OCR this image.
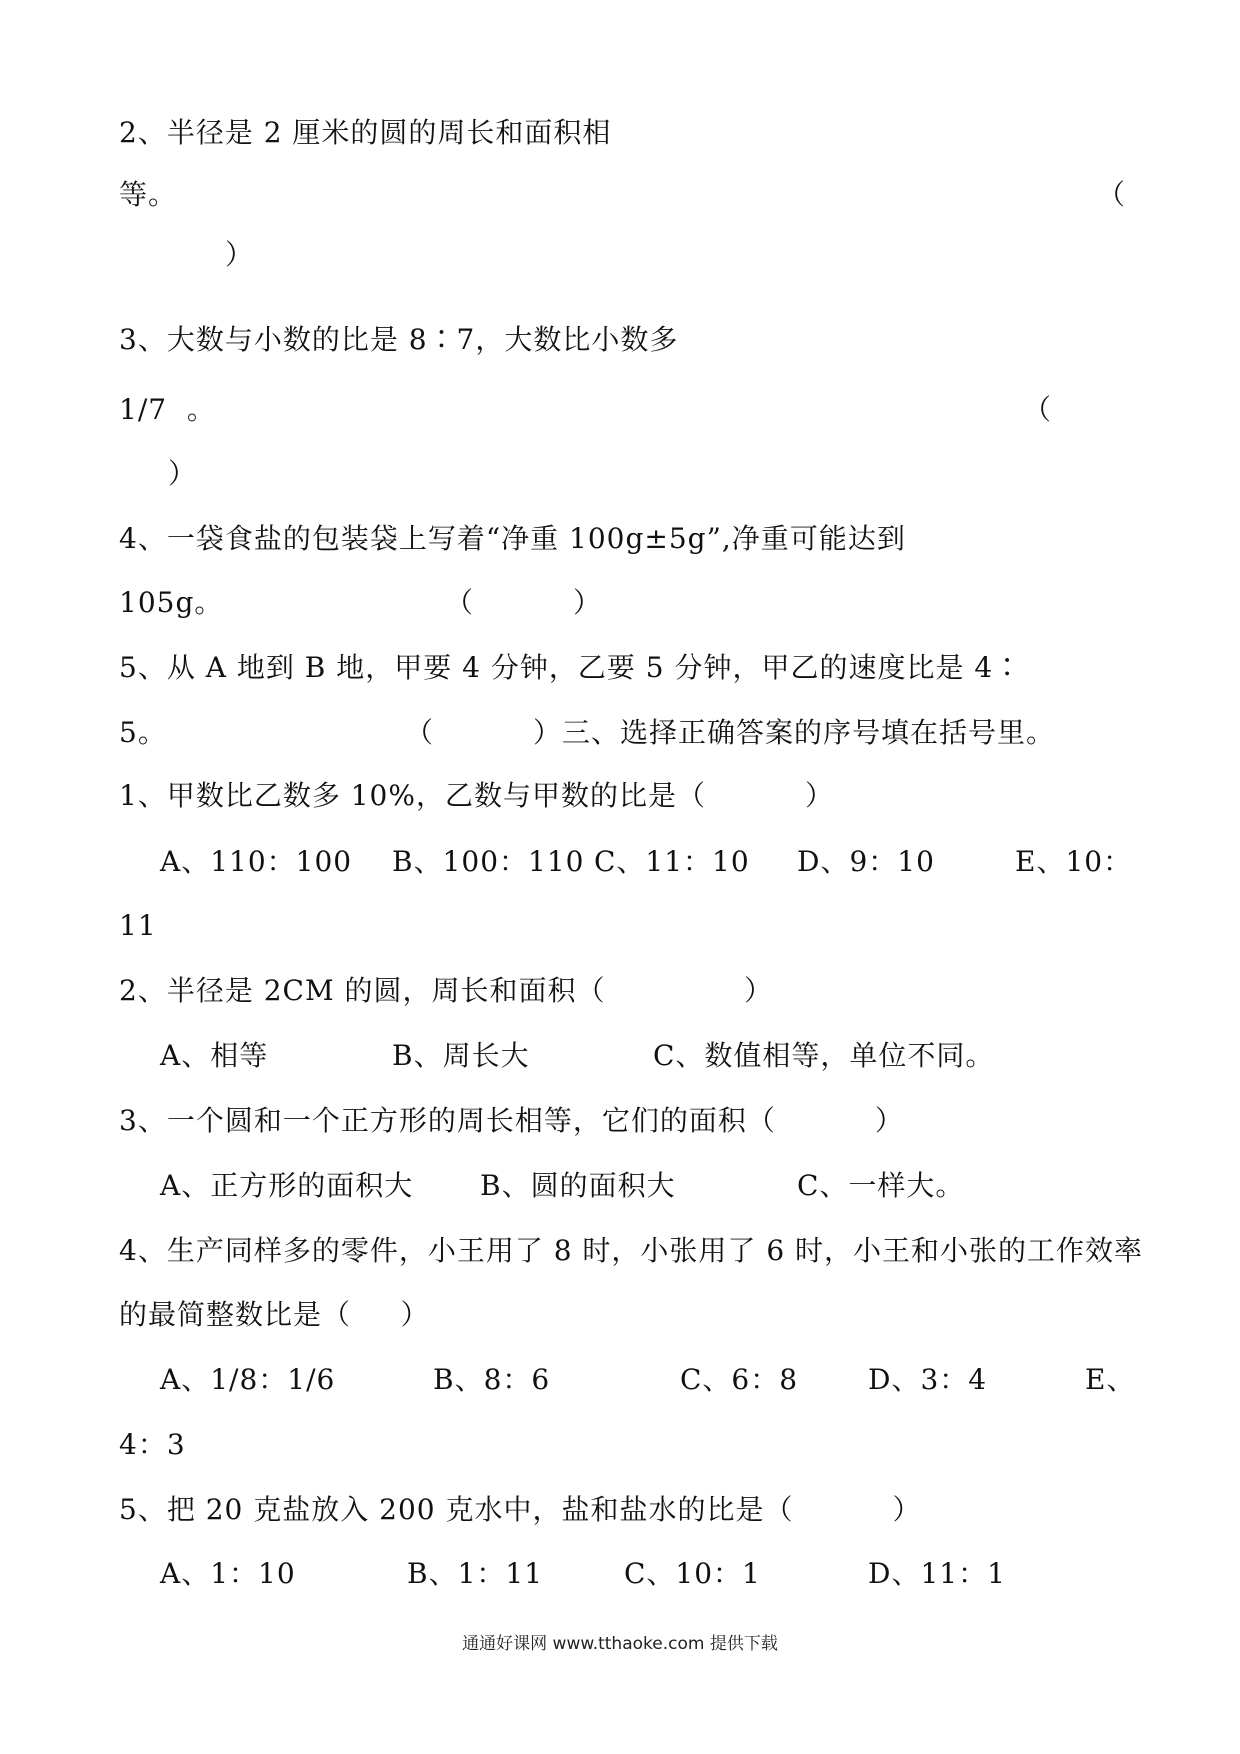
2、半径是 2 厘米的圆的周长和面积相

等。	（

）

3、大数与小数的比是 8∶7，大数比小数多

1/7  。	（

）

4、一袋食盐的包装袋上写着“净重 100g±5g”,净重可能达到

105g。	（          ）

5、从 A 地到 B 地，甲要 4 分钟，乙要 5 分钟，甲乙的速度比是 4∶

5。	（          ）三、选择正确答案的序号填在括号里。

1、甲数比乙数多 10%，乙数与甲数的比是（          ）

A、110：100 B、100：110 C、11：10 D、9：10	E、10：

11

2、半径是 2CM 的圆，周长和面积（              ）

A、相等	B、周长大	C、数值相等，单位不同。

3、一个圆和一个正方形的周长相等，它们的面积（          ）

A、正方形的面积大 B、圆的面积大	C、一样大。

4、生产同样多的零件，小王用了 8 时，小张用了 6 时，小王和小张的工作效率

的最简整数比是（     ）

A、1/8：1/6	B、8：6	C、6：8 D、3：4	E、

4：3

5、把 20 克盐放入 200 克水中，盐和盐水的比是（          ）

A、1：10	B、1：11	C、10：1	D、11：1

通通好课网 www.tthaoke.com 提供下载
